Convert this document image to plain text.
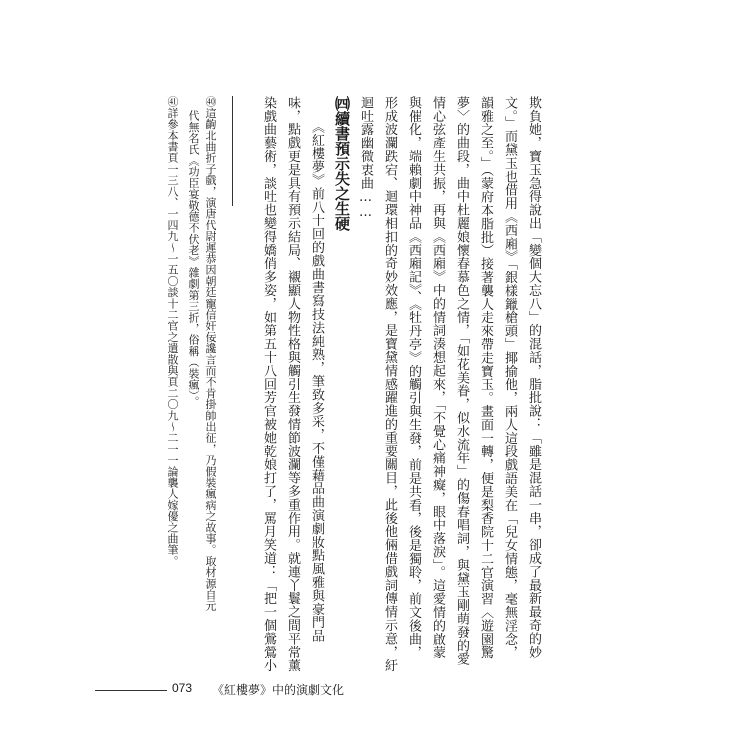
欺負她，寶玉急得說出「變個大忘八」的混話，脂批說：「雖是混話一串，卻成了最新最奇的妙
文。」而黛玉也借用《西廂》「銀樣鑞槍頭」揶揄他，兩人這段戲語美在「兒女情態，毫無淫念，
韻雅之至。」（蒙府本脂批）接著襲人走來帶走寶玉。畫面一轉，便是梨香院十二官演習〈遊園驚
夢〉的曲段，曲中杜麗娘懷春慕色之情，「如花美眷，似水流年」的傷春唱詞，與黛玉剛萌發的愛
情心弦產生共振，再與《西廂》中的情詞湊想起來，「不覺心痛神癡，眼中落淚」。這愛情的啟蒙
與催化，端賴劇中神品《西廂記》、《牡丹亭》的觸引與生發，前是共看，後是獨聆，前文後曲，
形成波瀾跌宕、迴環相扣的奇妙效應，是寶黛情感躍進的重要關目，此後他倆借戲詞傳情示意，紆
迴吐露幽微衷曲……
㈣續書預示失之生硬
《紅樓夢》前八十回的戲曲書寫技法純熟，筆致多采，不僅藉品曲演劇妝點風雅與豪門品
味，點戲更是具有預示結局、襯顯人物性格與觸引生發情節波瀾等多重作用。就連丫鬟之間平常薰
染戲曲藝術，談吐也變得嬌俏多姿，如第五十八回芳官被她乾娘打了，罵月笑道：「把一個鶯鶯小
㊵這齣北曲折子戲，演唐代尉遲恭因朝廷寵信奸佞讒言而不肯掛帥出征，乃假裝瘋病之故事。取材源自元
代無名氏《功臣宴敬德不伏老》雜劇第三折，俗稱（裝瘋）。
㊶詳參本書頁一三八、一四九～一五〇談十二官之遣散與頁二〇九～二一一論襲人嫁優之曲筆。
073 《紅樓夢》中的演劇文化
